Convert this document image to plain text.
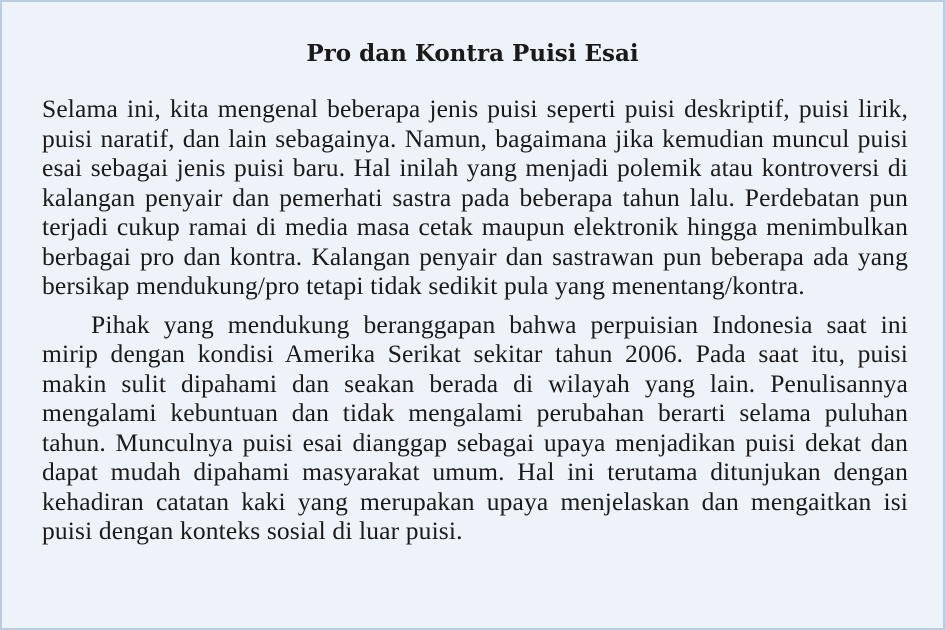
Pro dan Kontra Puisi Esai

Selama ini, kita mengenal beberapa jenis puisi seperti puisi deskriptif, puisi lirik, puisi naratif, dan lain sebagainya. Namun, bagaimana jika kemudian muncul puisi esai sebagai jenis puisi baru. Hal inilah yang menjadi polemik atau kontroversi di kalangan penyair dan pemerhati sastra pada beberapa tahun lalu. Perdebatan pun terjadi cukup ramai di media masa cetak maupun elektronik hingga menimbulkan berbagai pro dan kontra. Kalangan penyair dan sastrawan pun beberapa ada yang bersikap mendukung/pro tetapi tidak sedikit pula yang menentang/kontra.

Pihak yang mendukung beranggapan bahwa perpuisian Indonesia saat ini mirip dengan kondisi Amerika Serikat sekitar tahun 2006. Pada saat itu, puisi makin sulit dipahami dan seakan berada di wilayah yang lain. Penulisannya mengalami kebuntuan dan tidak mengalami perubahan berarti selama puluhan tahun. Munculnya puisi esai dianggap sebagai upaya menjadikan puisi dekat dan dapat mudah dipahami masyarakat umum. Hal ini terutama ditunjukan dengan kehadiran catatan kaki yang merupakan upaya menjelaskan dan mengaitkan isi puisi dengan konteks sosial di luar puisi.
